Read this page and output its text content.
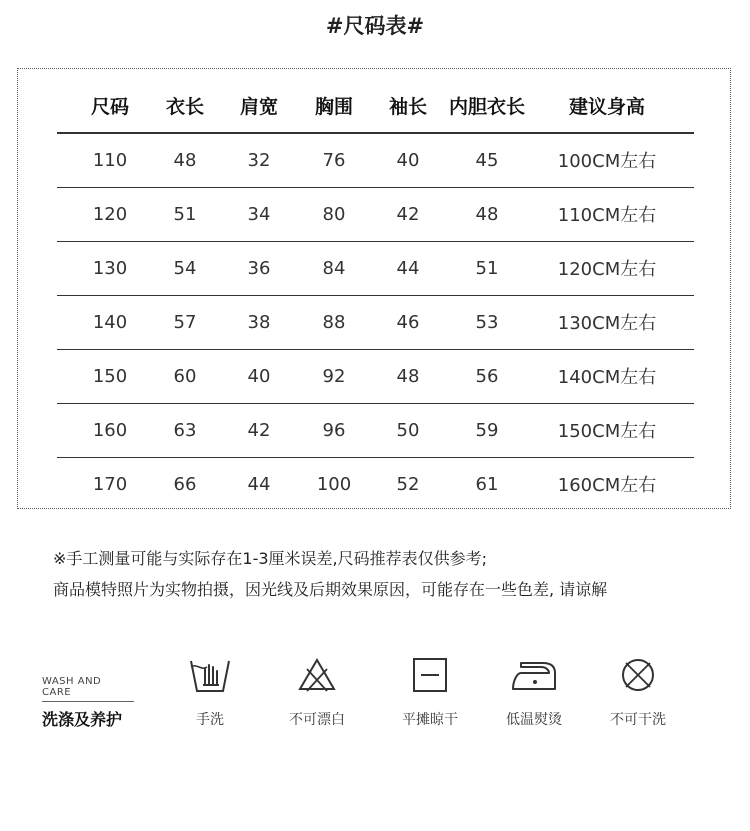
#尺码表#
尺码 衣长 肩宽 胸围 袖长 内胆衣长 建议身高
110	48	32	76	40	45	100CM左右
120	51	34	80	42	48	110CM左右
130	54	36	84	44	51	120CM左右
140	57	38	88	46	53	130CM左右
150	60	40	92	48	56	140CM左右
160	63	42	96	50	59	150CM左右
170	66	44	100	52	61	160CM左右
※手工测量可能与实际存在1-3厘米误差,尺码推荐表仅供参考;
商品模特照片为实物拍摄，因光线及后期效果原因，可能存在一些色差, 请谅解
WASH AND CARE
洗涤及养护	手洗	不可漂白	平摊晾干	低温熨烫	不可干洗
